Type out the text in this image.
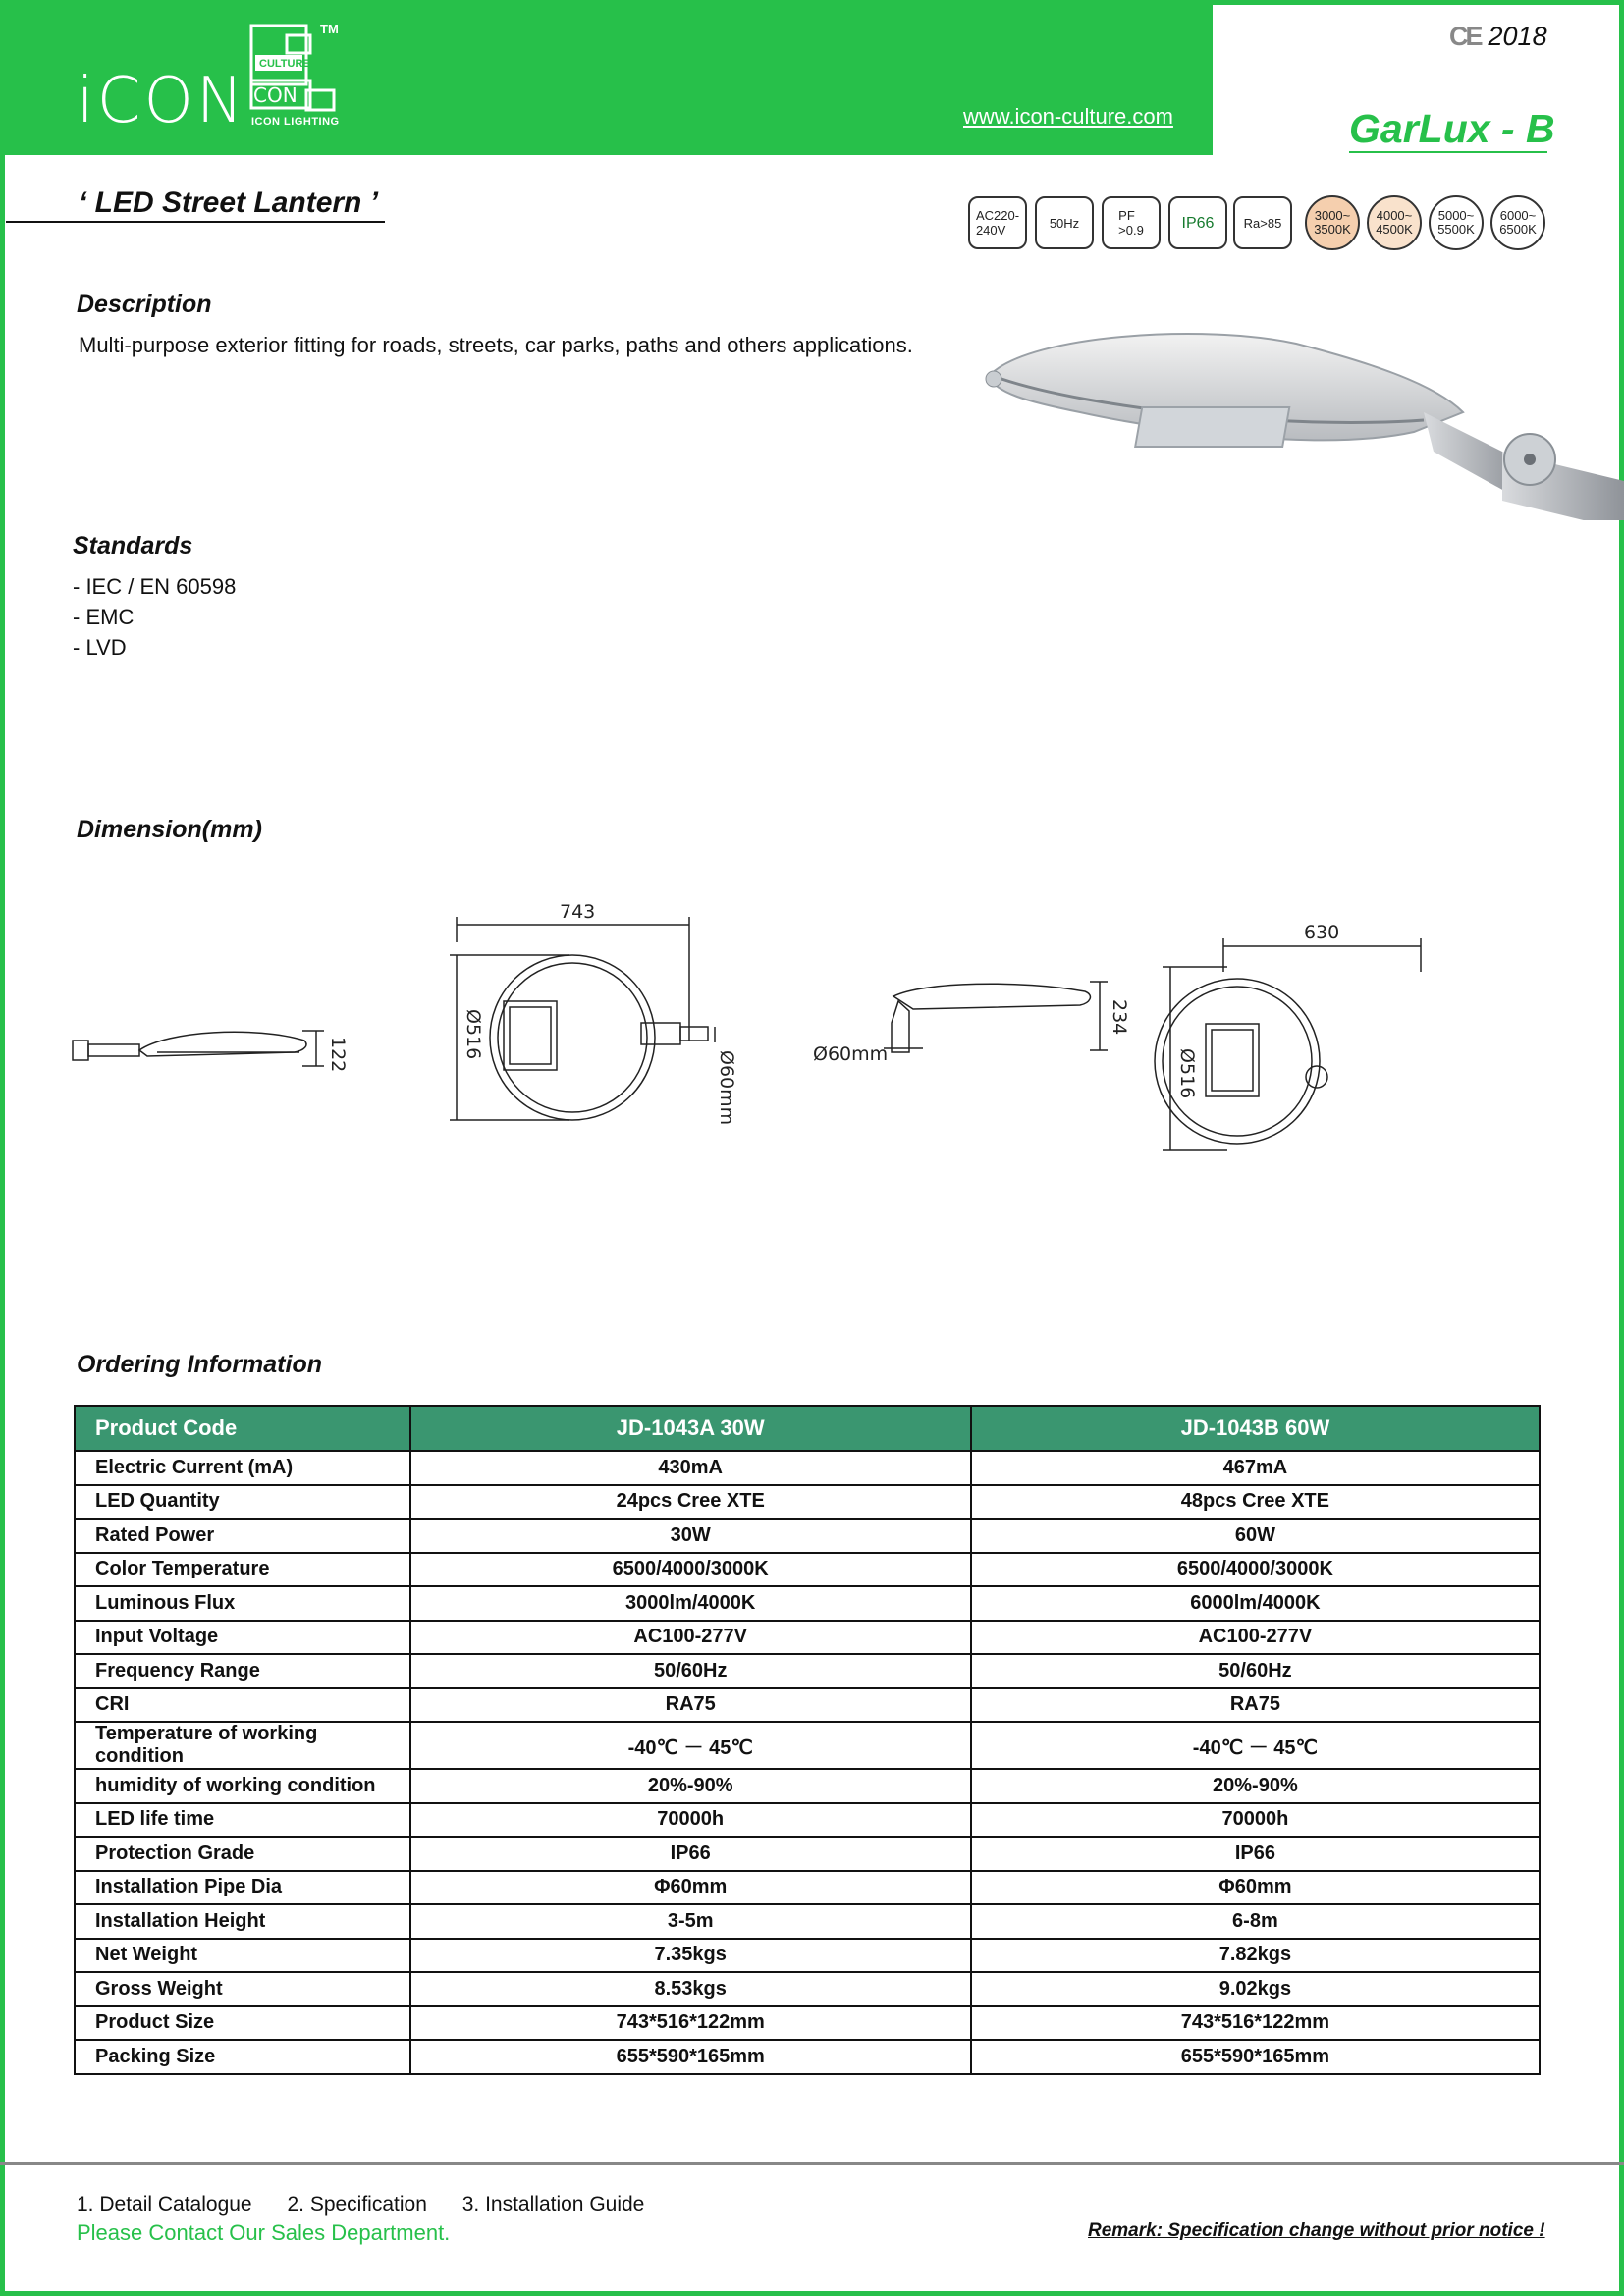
iCON
CULTURE
CON
TM
ICON LIGHTING	www.icon-culture.com
CE 2018
GarLux - B
‘ LED Street Lantern ’	AC220-
240V	50Hz	PF
>0.9	IP66	Ra>85	3000~
3500K
4000~
4500K
5000~
5500K
6000~
6500K
Description
Multi-purpose exterior fitting for roads, streets, car parks, paths and others applications.
Standards
- IEC / EN 60598
- EMC
- LVD
Dimension(mm)
122
743
Ø516
Ø60mm	Ø60mm
234
630
Ø516
Ordering Information
Product Code	JD-1043A 30W	JD-1043B 60W
Electric Current (mA)	430mA	467mA
LED Quantity	24pcs Cree XTE	48pcs Cree XTE
Rated Power	30W	60W
Color Temperature	6500/4000/3000K	6500/4000/3000K
Luminous Flux	3000lm/4000K	6000lm/4000K
Input Voltage	AC100-277V	AC100-277V
Frequency Range	50/60Hz	50/60Hz
CRI	RA75	RA75
Temperature of working condition	-40℃ － 45℃	-40℃ － 45℃
humidity of working condition	20%-90%	20%-90%
LED life time	70000h	70000h
Protection Grade	IP66	IP66
Installation Pipe Dia	Φ60mm	Φ60mm
Installation Height	3-5m	6-8m
Net Weight	7.35kgs	7.82kgs
Gross Weight	8.53kgs	9.02kgs
Product Size	743*516*122mm	743*516*122mm
Packing Size	655*590*165mm	655*590*165mm
1. Detail Catalogue 2. Specification 3. Installation Guide
Please Contact Our Sales Department.	Remark: Specification change without prior notice !
